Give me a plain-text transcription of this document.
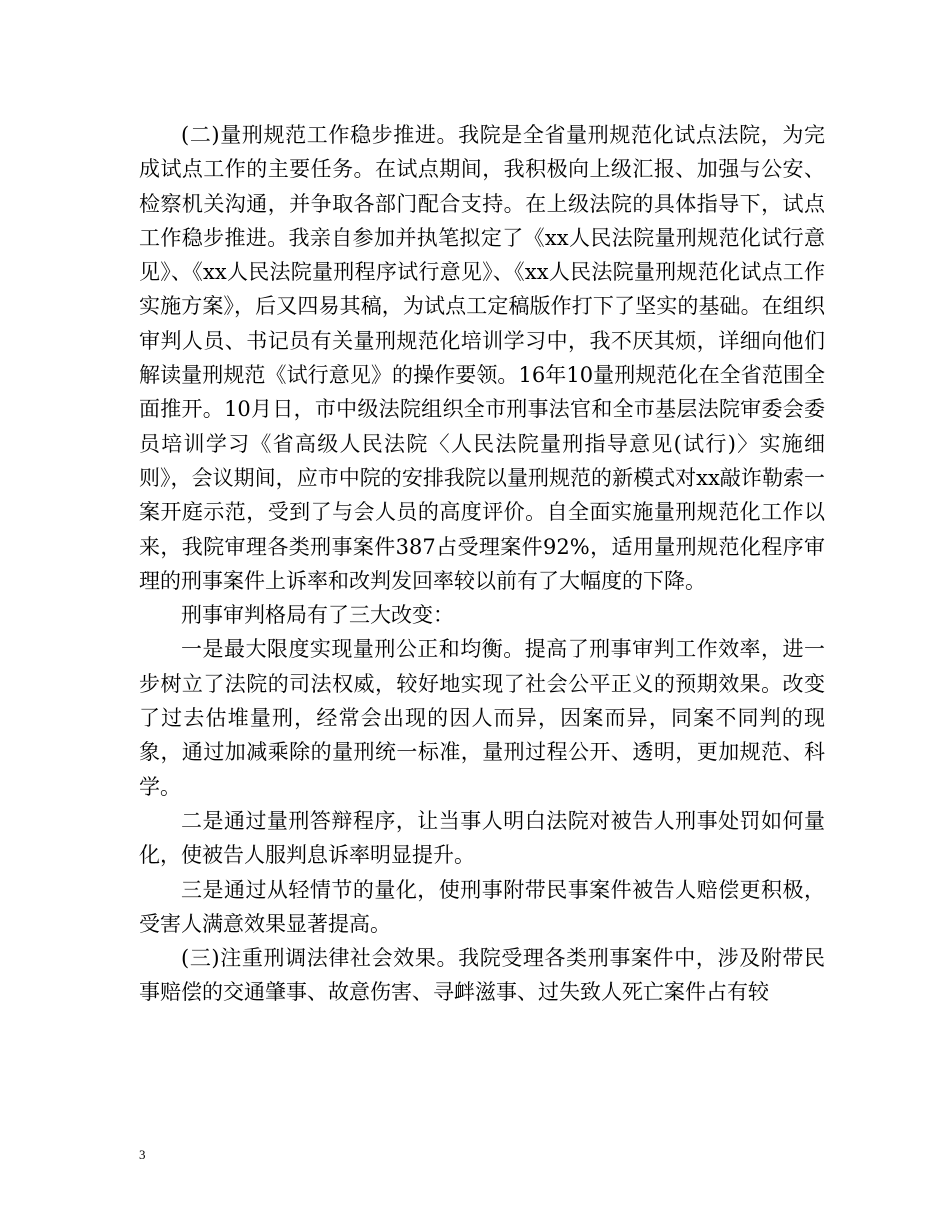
(二)量刑规范工作稳步推进。我院是全省量刑规范化试点法院，为完成试点工作的主要任务。在试点期间，我积极向上级汇报、加强与公安、检察机关沟通，并争取各部门配合支持。在上级法院的具体指导下，试点工作稳步推进。我亲自参加并执笔拟定了《xx人民法院量刑规范化试行意见》、《xx人民法院量刑程序试行意见》、《xx人民法院量刑规范化试点工作实施方案》，后又四易其稿，为试点工定稿版作打下了坚实的基础。在组织审判人员、书记员有关量刑规范化培训学习中，我不厌其烦，详细向他们解读量刑规范《试行意见》的操作要领。16年10量刑规范化在全省范围全面推开。10月日，市中级法院组织全市刑事法官和全市基层法院审委会委员培训学习《省高级人民法院〈人民法院量刑指导意见(试行)〉实施细则》，会议期间，应市中院的安排我院以量刑规范的新模式对xx敲诈勒索一案开庭示范，受到了与会人员的高度评价。自全面实施量刑规范化工作以来，我院审理各类刑事案件387占受理案件92%，适用量刑规范化程序审理的刑事案件上诉率和改判发回率较以前有了大幅度的下降。

刑事审判格局有了三大改变：

一是最大限度实现量刑公正和均衡。提高了刑事审判工作效率，进一步树立了法院的司法权威，较好地实现了社会公平正义的预期效果。改变了过去估堆量刑，经常会出现的因人而异，因案而异，同案不同判的现象，通过加减乘除的量刑统一标准，量刑过程公开、透明，更加规范、科学。

二是通过量刑答辩程序，让当事人明白法院对被告人刑事处罚如何量化，使被告人服判息诉率明显提升。

三是通过从轻情节的量化，使刑事附带民事案件被告人赔偿更积极，受害人满意效果显著提高。

(三)注重刑调法律社会效果。我院受理各类刑事案件中，涉及附带民事赔偿的交通肇事、故意伤害、寻衅滋事、过失致人死亡案件占有较

3
